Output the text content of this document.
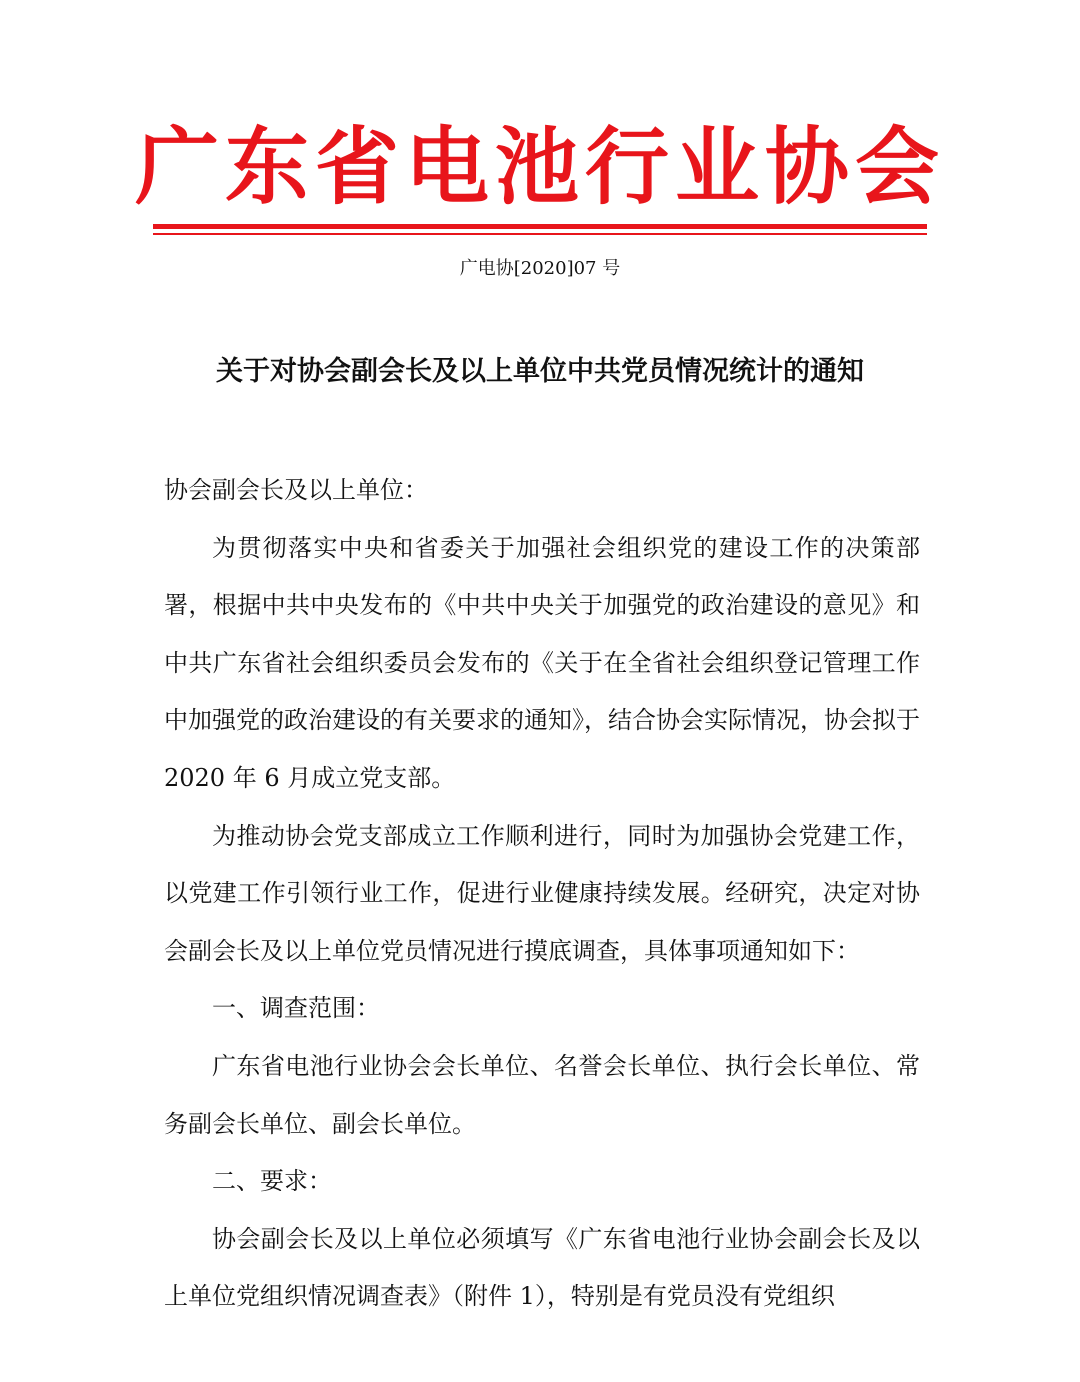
广东省电池行业协会
广电协[2020]07 号
关于对协会副会长及以上单位中共党员情况统计的通知

协会副会长及以上单位：

为贯彻落实中央和省委关于加强社会组织党的建设工作的决策部署，根据中共中央发布的《中共中央关于加强党的政治建设的意见》和中共广东省社会组织委员会发布的《关于在全省社会组织登记管理工作中加强党的政治建设的有关要求的通知》，结合协会实际情况，协会拟于 2020 年 6 月成立党支部。

为推动协会党支部成立工作顺利进行，同时为加强协会党建工作，以党建工作引领行业工作，促进行业健康持续发展。经研究，决定对协会副会长及以上单位党员情况进行摸底调查，具体事项通知如下：

一、调查范围：

广东省电池行业协会会长单位、名誉会长单位、执行会长单位、常务副会长单位、副会长单位。

二、要求：

协会副会长及以上单位必须填写《广东省电池行业协会副会长及以上单位党组织情况调查表》（附件 1），特别是有党员没有党组织
